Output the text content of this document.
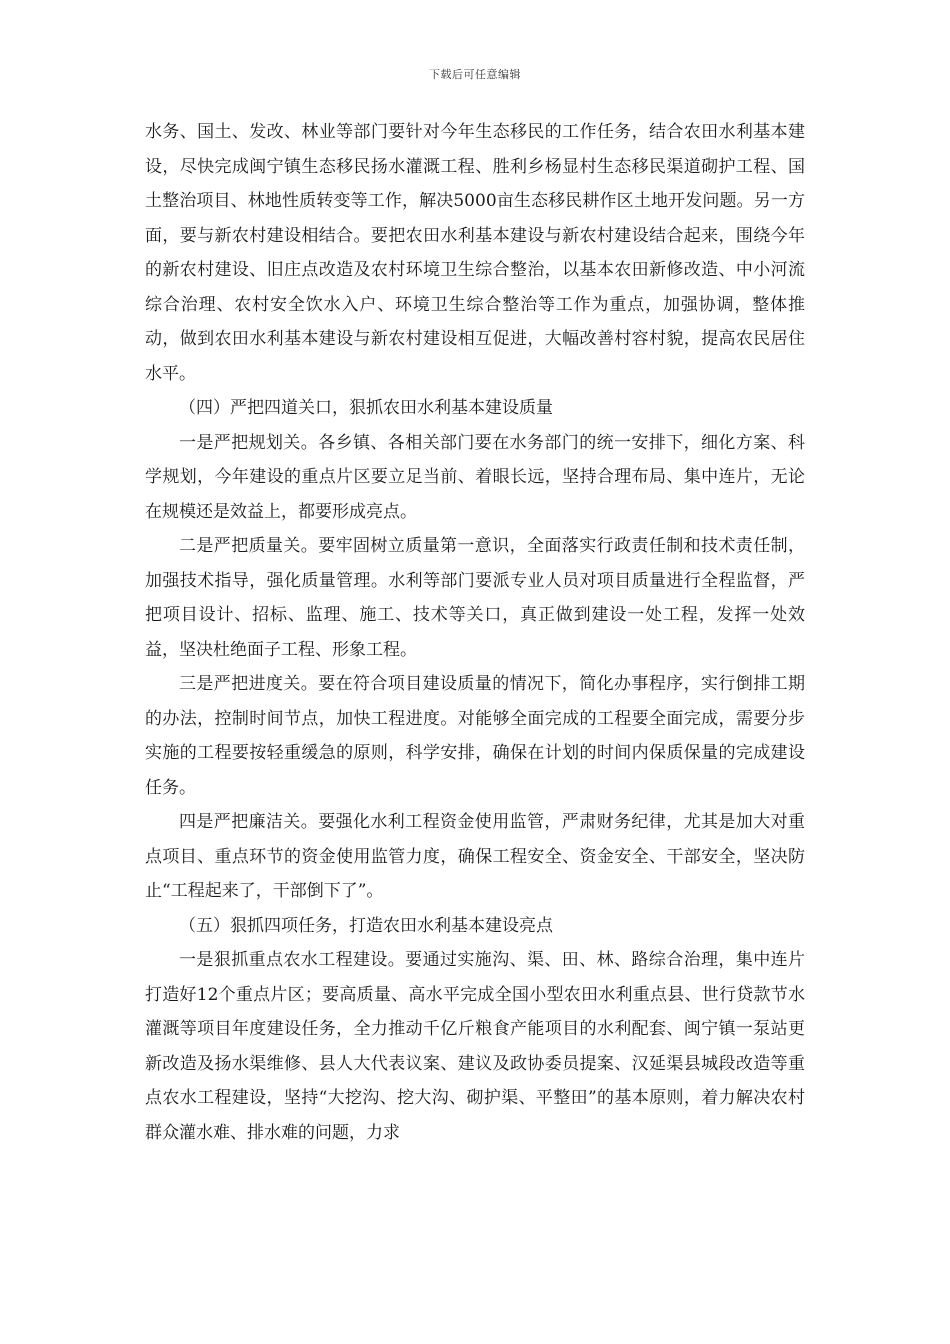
下载后可任意编辑

水务、国土、发改、林业等部门要针对今年生态移民的工作任务，结合农田水利基本建设，尽快完成闽宁镇生态移民扬水灌溉工程、胜利乡杨显村生态移民渠道砌护工程、国土整治项目、林地性质转变等工作，解决5000亩生态移民耕作区土地开发问题。另一方面，要与新农村建设相结合。要把农田水利基本建设与新农村建设结合起来，围绕今年的新农村建设、旧庄点改造及农村环境卫生综合整治，以基本农田新修改造、中小河流综合治理、农村安全饮水入户、环境卫生综合整治等工作为重点，加强协调，整体推动，做到农田水利基本建设与新农村建设相互促进，大幅改善村容村貌，提高农民居住水平。

（四）严把四道关口，狠抓农田水利基本建设质量

一是严把规划关。各乡镇、各相关部门要在水务部门的统一安排下，细化方案、科学规划，今年建设的重点片区要立足当前、着眼长远，坚持合理布局、集中连片，无论在规模还是效益上，都要形成亮点。

二是严把质量关。要牢固树立质量第一意识，全面落实行政责任制和技术责任制，加强技术指导，强化质量管理。水利等部门要派专业人员对项目质量进行全程监督，严把项目设计、招标、监理、施工、技术等关口，真正做到建设一处工程，发挥一处效益，坚决杜绝面子工程、形象工程。

三是严把进度关。要在符合项目建设质量的情况下，简化办事程序，实行倒排工期的办法，控制时间节点，加快工程进度。对能够全面完成的工程要全面完成，需要分步实施的工程要按轻重缓急的原则，科学安排，确保在计划的时间内保质保量的完成建设任务。

四是严把廉洁关。要强化水利工程资金使用监管，严肃财务纪律，尤其是加大对重点项目、重点环节的资金使用监管力度，确保工程安全、资金安全、干部安全，坚决防止“工程起来了，干部倒下了”。

（五）狠抓四项任务，打造农田水利基本建设亮点

一是狠抓重点农水工程建设。要通过实施沟、渠、田、林、路综合治理，集中连片打造好12个重点片区；要高质量、高水平完成全国小型农田水利重点县、世行贷款节水灌溉等项目年度建设任务，全力推动千亿斤粮食产能项目的水利配套、闽宁镇一泵站更新改造及扬水渠维修、县人大代表议案、建议及政协委员提案、汉延渠县城段改造等重点农水工程建设，坚持“大挖沟、挖大沟、砌护渠、平整田”的基本原则，着力解决农村群众灌水难、排水难的问题，力求
